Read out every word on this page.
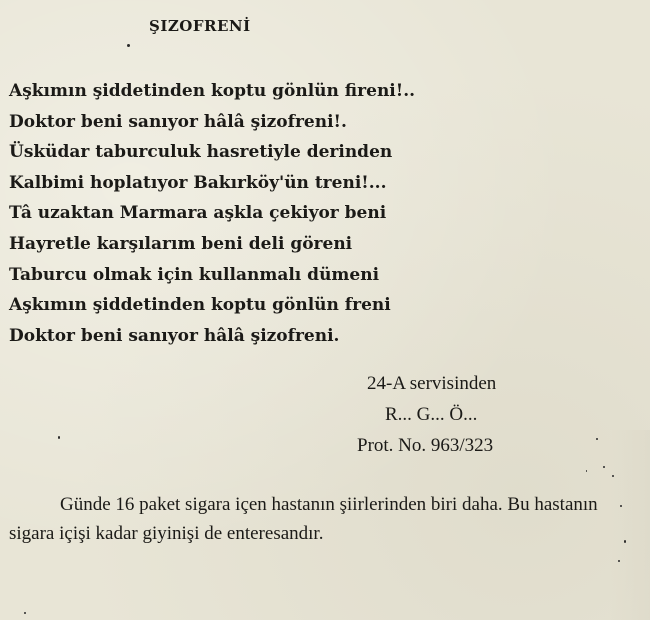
ŞIZOFRENİ
Aşkımın şiddetinden koptu gönlün fireni!..
Doktor beni sanıyor hâlâ şizofreni!.
Üsküdar taburculuk hasretiyle derinden
Kalbimi hoplatıyor Bakırköy'ün treni!...
Tâ uzaktan Marmara aşkla çekiyor beni
Hayretle karşılarım beni deli göreni
Taburcu olmak için kullanmalı dümeni
Aşkımın şiddetinden koptu gönlün freni
Doktor beni sanıyor hâlâ şizofreni.
24-A servisinden
R... G... Ö...
Prot. No. 963/323

Günde 16 paket sigara içen hastanın şiirlerinden biri daha. Bu hastanın sigara içişi kadar giyinişi de enteresandır.
